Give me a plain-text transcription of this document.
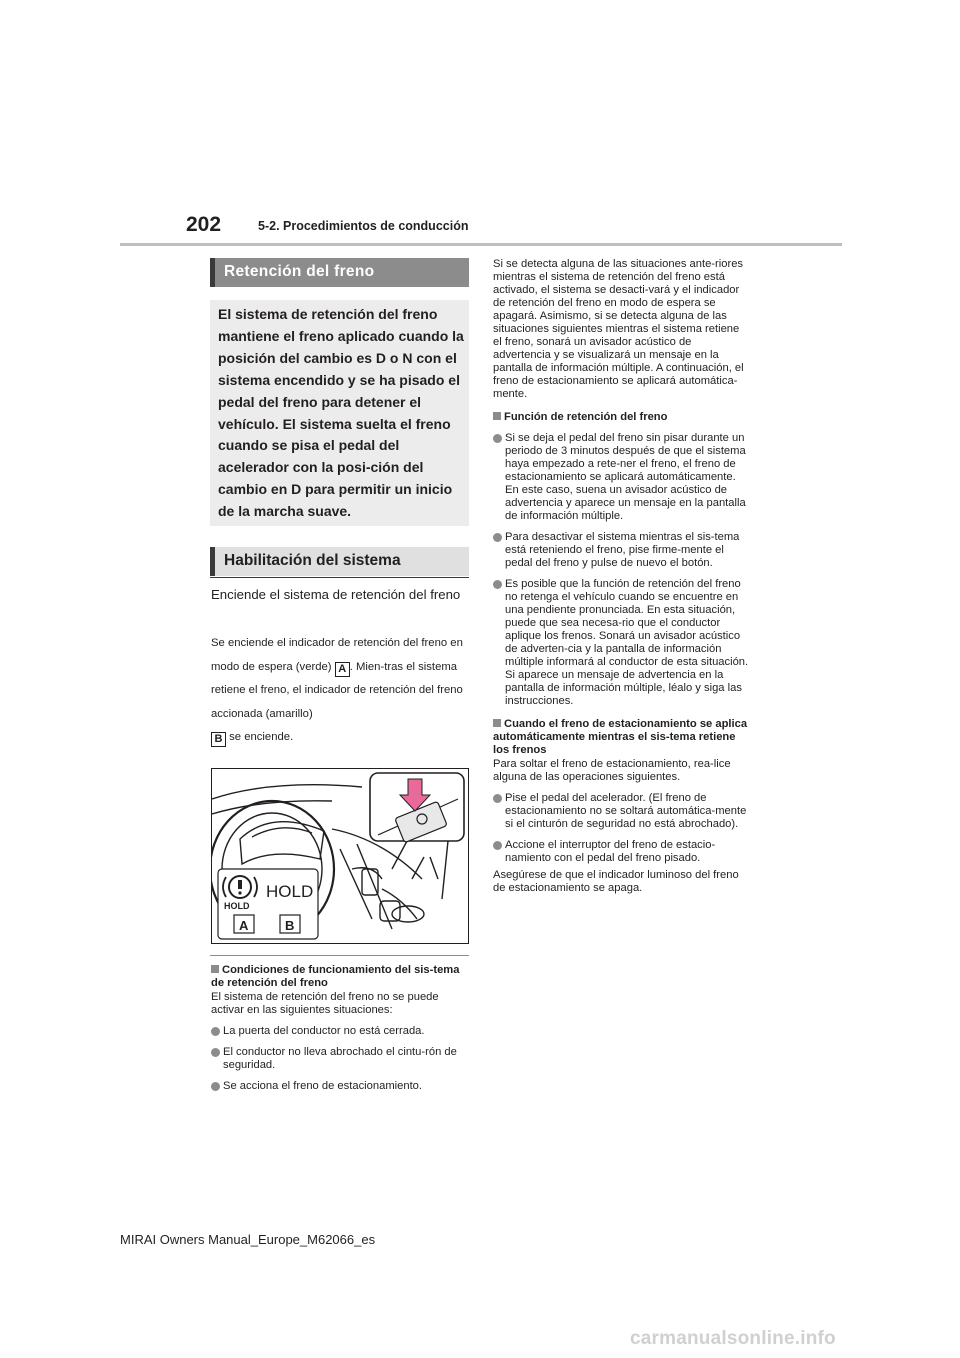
202	5-2. Procedimientos de conducción
Retención del freno
El sistema de retención del freno mantiene el freno aplicado cuando la posición del cambio es D o N con el sistema encendido y se ha pisado el pedal del freno para detener el vehículo. El sistema suelta el freno cuando se pisa el pedal del acelerador con la posi-ción del cambio en D para permitir un inicio de la marcha suave.
Habilitación del sistema
Enciende el sistema de retención del freno
Se enciende el indicador de retención del freno en modo de espera (verde) A . Mien-tras el sistema retiene el freno, el indicador de retención del freno accionada (amarillo)
B se enciende.
HOLD
HOLD
A	B
Condiciones de funcionamiento del sis-tema de retención del freno
El sistema de retención del freno no se puede activar en las siguientes situaciones:
La puerta del conductor no está cerrada.
El conductor no lleva abrochado el cintu-rón de seguridad.
Se acciona el freno de estacionamiento.
Si se detecta alguna de las situaciones ante-riores mientras el sistema de retención del freno está activado, el sistema se desacti-vará y el indicador de retención del freno en modo de espera se apagará. Asimismo, si se detecta alguna de las situaciones siguientes mientras el sistema retiene el freno, sonará un avisador acústico de advertencia y se visualizará un mensaje en la pantalla de información múltiple. A continuación, el freno de estacionamiento se aplicará automática-mente.
Función de retención del freno
Si se deja el pedal del freno sin pisar durante un periodo de 3 minutos después de que el sistema haya empezado a rete-ner el freno, el freno de estacionamiento se aplicará automáticamente. En este caso, suena un avisador acústico de advertencia y aparece un mensaje en la pantalla de información múltiple.
Para desactivar el sistema mientras el sis-tema está reteniendo el freno, pise firme-mente el pedal del freno y pulse de nuevo el botón.
Es posible que la función de retención del freno no retenga el vehículo cuando se encuentre en una pendiente pronunciada. En esta situación, puede que sea necesa-rio que el conductor aplique los frenos. Sonará un avisador acústico de adverten-cia y la pantalla de información múltiple informará al conductor de esta situación. Si aparece un mensaje de advertencia en la pantalla de información múltiple, léalo y siga las instrucciones.
Cuando el freno de estacionamiento se aplica automáticamente mientras el sis-tema retiene los frenos
Para soltar el freno de estacionamiento, rea-lice alguna de las operaciones siguientes.
Pise el pedal del acelerador. (El freno de estacionamiento no se soltará automática-mente si el cinturón de seguridad no está abrochado).
Accione el interruptor del freno de estacio-namiento con el pedal del freno pisado.
Asegúrese de que el indicador luminoso del freno de estacionamiento se apaga.
MIRAI Owners Manual_Europe_M62066_es
carmanualsonline.info
